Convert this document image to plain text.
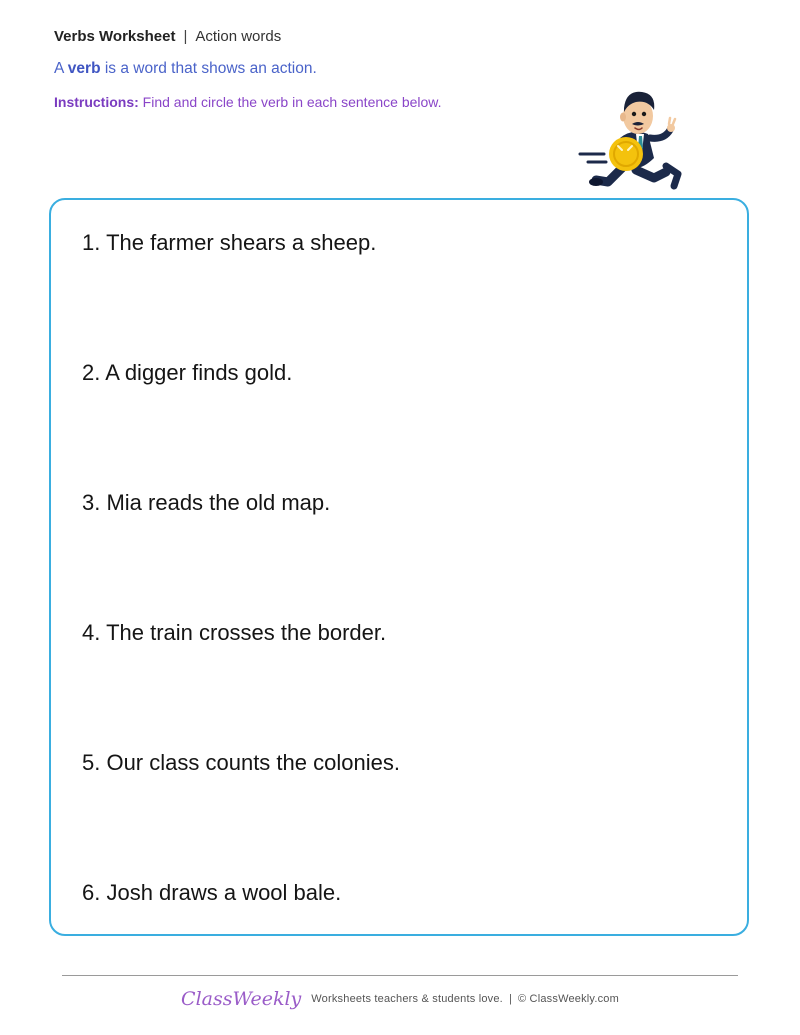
Verbs Worksheet | Action words
A verb is a word that shows an action.
Instructions: Find and circle the verb in each sentence below.
1. The farmer shears a sheep.
2. A digger finds gold.
3. Mia reads the old map.
4. The train crosses the border.
5. Our class counts the colonies.
6. Josh draws a wool bale.
ClassWeekly Worksheets teachers & students love. | © ClassWeekly.com
